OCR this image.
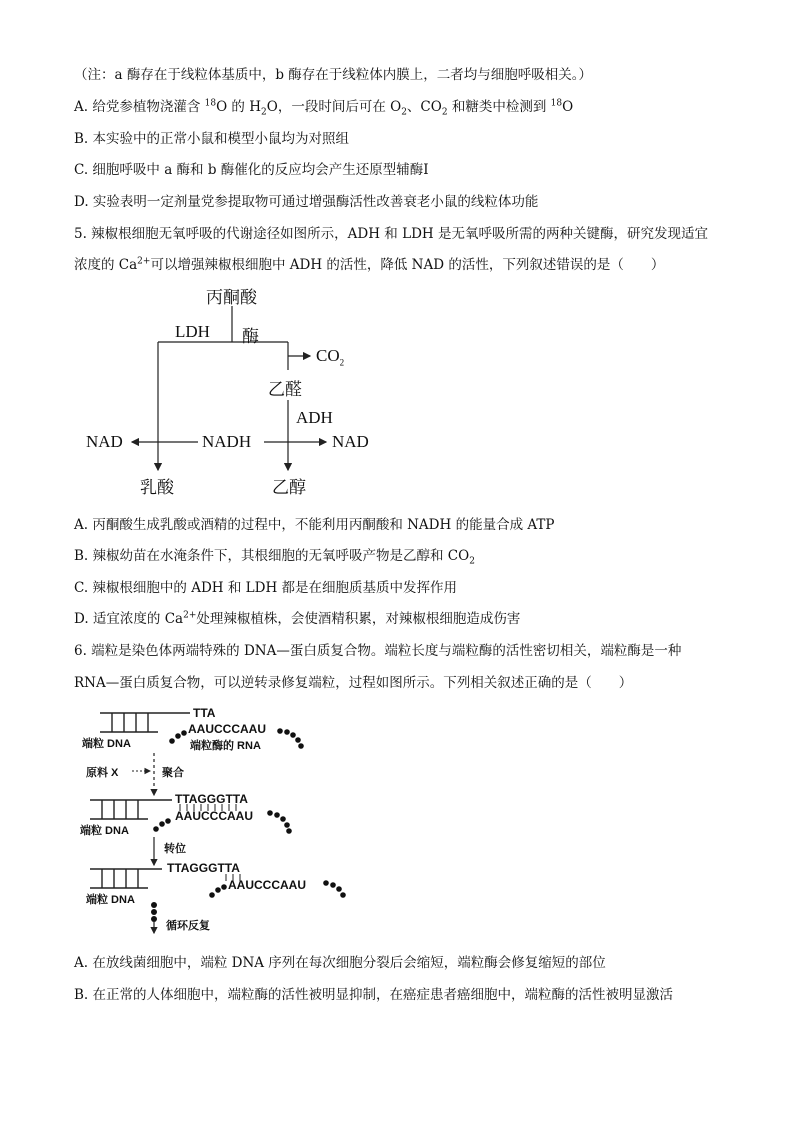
（注：a 酶存在于线粒体基质中，b 酶存在于线粒体内膜上，二者均与细胞呼吸相关。）
A. 给党参植物浇灌含 $^{18}$O 的 $H_2O$，一段时间后可在 $O_2$、$CO_2$ 和糖类中检测到 $^{18}$O
B. 本实验中的正常小鼠和模型小鼠均为对照组
C. 细胞呼吸中 a 酶和 b 酶催化的反应均会产生还原型辅酶Ⅰ
D. 实验表明一定剂量党参提取物可通过增强酶活性改善衰老小鼠的线粒体功能
5. 辣椒根细胞无氧呼吸的代谢途径如图所示，ADH 和 LDH 是无氧呼吸所需的两种关键酶，研究发现适宜
浓度的 $Ca^{2+}$可以增强辣椒根细胞中 ADH 的活性，降低 NAD 的活性，下列叙述错误的是（　　）
丙酮酸
LDH 酶
$CO_2$
乙醛
ADH
NAD	NADH	NAD
乳酸	乙醇
A. 丙酮酸生成乳酸或酒精的过程中，不能利用丙酮酸和 NADH 的能量合成 ATP
B. 辣椒幼苗在水淹条件下，其根细胞的无氧呼吸产物是乙醇和 $CO_2$
C. 辣椒根细胞中的 ADH 和 LDH 都是在细胞质基质中发挥作用
D. 适宜浓度的 $Ca^{2+}$处理辣椒植株，会使酒精积累，对辣椒根细胞造成伤害
6. 端粒是染色体两端特殊的 DNA—蛋白质复合物。端粒长度与端粒酶的活性密切相关，端粒酶是一种
RNA—蛋白质复合物，可以逆转录修复端粒，过程如图所示。下列相关叙述正确的是（　　）
TTA
AAUCCCAAU
端粒 DNA	端粒酶的 RNA
原料 X	聚合
TTAGGGTTA
AAUCCCAAU
端粒 DNA
转位
TTAGGGTTA
AAUCCCAAU
端粒 DNA
循环反复
A. 在放线菌细胞中，端粒 DNA 序列在每次细胞分裂后会缩短，端粒酶会修复缩短的部位
B. 在正常的人体细胞中，端粒酶的活性被明显抑制，在癌症患者癌细胞中，端粒酶的活性被明显激活
